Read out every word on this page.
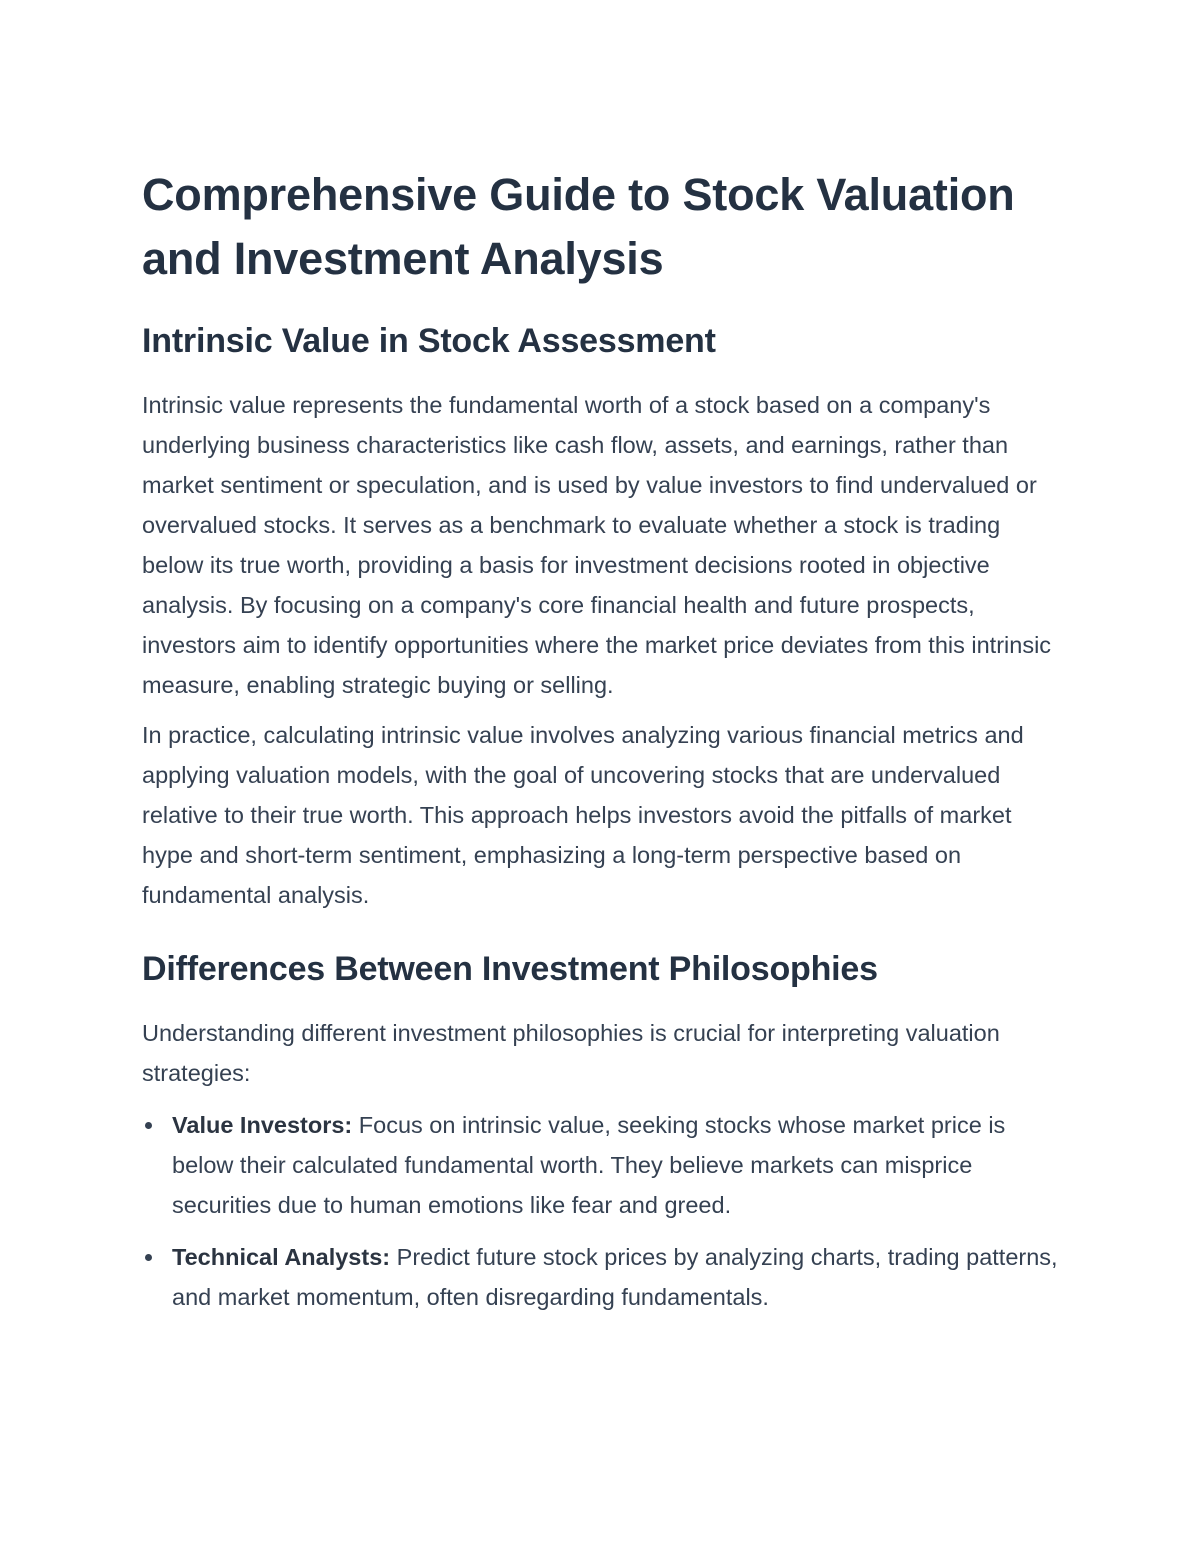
Comprehensive Guide to Stock Valuation and Investment Analysis
Intrinsic Value in Stock Assessment

Intrinsic value represents the fundamental worth of a stock based on a company's underlying business characteristics like cash flow, assets, and earnings, rather than market sentiment or speculation, and is used by value investors to find undervalued or overvalued stocks. It serves as a benchmark to evaluate whether a stock is trading below its true worth, providing a basis for investment decisions rooted in objective analysis. By focusing on a company's core financial health and future prospects, investors aim to identify opportunities where the market price deviates from this intrinsic measure, enabling strategic buying or selling.

In practice, calculating intrinsic value involves analyzing various financial metrics and applying valuation models, with the goal of uncovering stocks that are undervalued relative to their true worth. This approach helps investors avoid the pitfalls of market hype and short-term sentiment, emphasizing a long-term perspective based on fundamental analysis.

Differences Between Investment Philosophies

Understanding different investment philosophies is crucial for interpreting valuation strategies:

Value Investors: Focus on intrinsic value, seeking stocks whose market price is below their calculated fundamental worth. They believe markets can misprice securities due to human emotions like fear and greed.
Technical Analysts: Predict future stock prices by analyzing charts, trading patterns, and market momentum, often disregarding fundamentals.
